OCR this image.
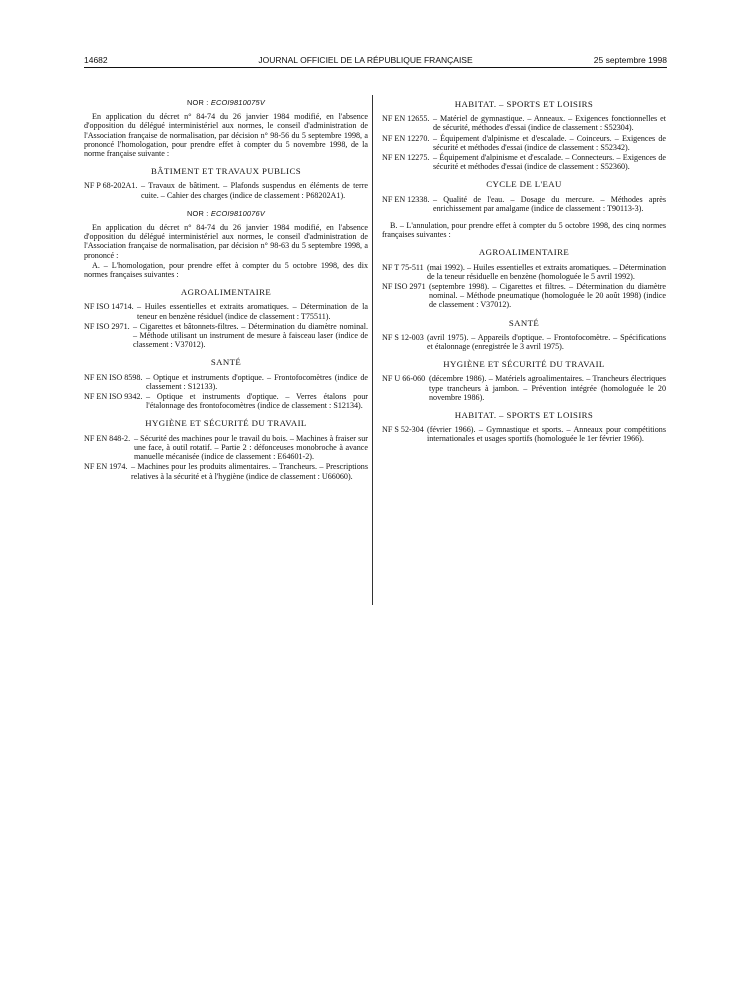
14682	JOURNAL OFFICIEL DE LA RÉPUBLIQUE FRANÇAISE	25 septembre 1998
NOR : ECOI9810075V

En application du décret n° 84-74 du 26 janvier 1984 modifié, en l'absence d'opposition du délégué interministériel aux normes, le conseil d'administration de l'Association française de normalisation, par décision n° 98-56 du 5 septembre 1998, a prononcé l'homologation, pour prendre effet à compter du 5 novembre 1998, de la norme française suivante :

BÂTIMENT ET TRAVAUX PUBLICS

NF P 68-202A1. – Travaux de bâtiment. – Plafonds suspendus en éléments de terre cuite. – Cahier des charges (indice de classement : P68202A1).

NOR : ECOI9810076V

En application du décret n° 84-74 du 26 janvier 1984 modifié, en l'absence d'opposition du délégué interministériel aux normes, le conseil d'administration de l'Association française de normalisation, par décision n° 98-63 du 5 septembre 1998, a prononcé :

A. – L'homologation, pour prendre effet à compter du 5 octobre 1998, des dix normes françaises suivantes :

AGROALIMENTAIRE

NF ISO 14714. – Huiles essentielles et extraits aromatiques. – Détermination de la teneur en benzène résiduel (indice de classement : T75511).

NF ISO 2971. – Cigarettes et bâtonnets-filtres. – Détermination du diamètre nominal. – Méthode utilisant un instrument de mesure à faisceau laser (indice de classement : V37012).

SANTÉ

NF EN ISO 8598. – Optique et instruments d'optique. – Frontofocomètres (indice de classement : S12133).

NF EN ISO 9342. – Optique et instruments d'optique. – Verres étalons pour l'étalonnage des frontofocomètres (indice de classement : S12134).

HYGIÈNE ET SÉCURITÉ DU TRAVAIL

NF EN 848-2. – Sécurité des machines pour le travail du bois. – Machines à fraiser sur une face, à outil rotatif. – Partie 2 : défonceuses monobroche à avance manuelle mécanisée (indice de classement : E64601-2).

NF EN 1974. – Machines pour les produits alimentaires. – Trancheurs. – Prescriptions relatives à la sécurité et à l'hygiène (indice de classement : U66060).

HABITAT. – SPORTS ET LOISIRS

NF EN 12655. – Matériel de gymnastique. – Anneaux. – Exigences fonctionnelles et de sécurité, méthodes d'essai (indice de classement : S52304).

NF EN 12270. – Équipement d'alpinisme et d'escalade. – Coinceurs. – Exigences de sécurité et méthodes d'essai (indice de classement : S52342).

NF EN 12275. – Équipement d'alpinisme et d'escalade. – Connecteurs. – Exigences de sécurité et méthodes d'essai (indice de classement : S52360).

CYCLE DE L'EAU

NF EN 12338. – Qualité de l'eau. – Dosage du mercure. – Méthodes après enrichissement par amalgame (indice de classement : T90113-3).

B. – L'annulation, pour prendre effet à compter du 5 octobre 1998, des cinq normes françaises suivantes :

AGROALIMENTAIRE

NF T 75-511 (mai 1992). – Huiles essentielles et extraits aromatiques. – Détermination de la teneur résiduelle en benzène (homologuée le 5 avril 1992).

NF ISO 2971 (septembre 1998). – Cigarettes et filtres. – Détermination du diamètre nominal. – Méthode pneumatique (homologuée le 20 août 1998) (indice de classement : V37012).

SANTÉ

NF S 12-003 (avril 1975). – Appareils d'optique. – Frontofocomètre. – Spécifications et étalonnage (enregistrée le 3 avril 1975).

HYGIÈNE ET SÉCURITÉ DU TRAVAIL

NF U 66-060 (décembre 1986). – Matériels agroalimentaires. – Trancheurs électriques type trancheurs à jambon. – Prévention intégrée (homologuée le 20 novembre 1986).

HABITAT. – SPORTS ET LOISIRS

NF S 52-304 (février 1966). – Gymnastique et sports. – Anneaux pour compétitions internationales et usages sportifs (homologuée le 1er février 1966).
